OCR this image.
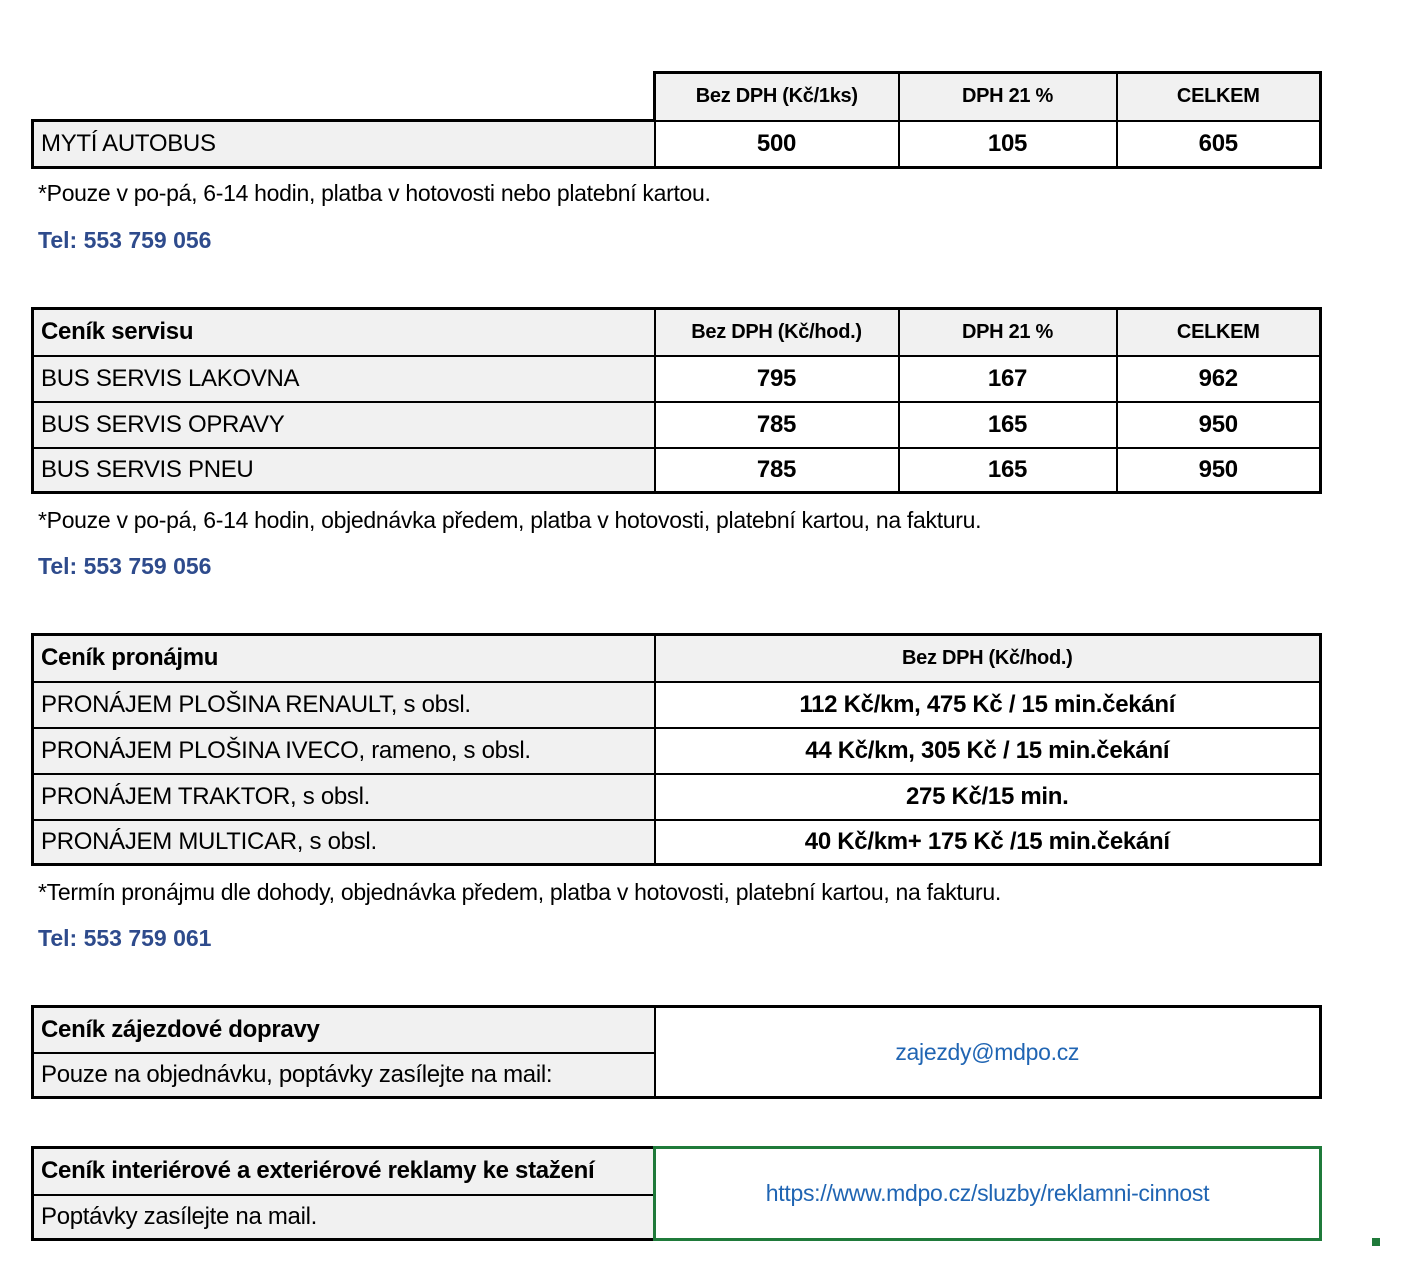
	Bez DPH (Kč/1ks)	DPH 21 %	CELKEM
MYTÍ AUTOBUS	500	105	605
*Pouze v po-pá, 6-14 hodin, platba v hotovosti nebo platební kartou.
Tel: 553 759 056
Ceník servisu	Bez DPH (Kč/hod.)	DPH 21 %	CELKEM
BUS SERVIS LAKOVNA	795	167	962
BUS SERVIS OPRAVY	785	165	950
BUS SERVIS PNEU	785	165	950
*Pouze v po-pá, 6-14 hodin, objednávka předem, platba v hotovosti, platební kartou, na fakturu.
Tel: 553 759 056
Ceník pronájmu	Bez DPH (Kč/hod.)
PRONÁJEM PLOŠINA RENAULT, s obsl.	112 Kč/km, 475 Kč / 15 min.čekání
PRONÁJEM PLOŠINA IVECO, rameno, s obsl.	44 Kč/km, 305 Kč / 15 min.čekání
PRONÁJEM TRAKTOR, s obsl.	275 Kč/15 min.
PRONÁJEM MULTICAR, s obsl.	40 Kč/km+ 175 Kč /15 min.čekání
*Termín pronájmu dle dohody, objednávka předem, platba v hotovosti, platební kartou, na fakturu.
Tel: 553 759 061
Ceník zájezdové dopravy	zajezdy@mdpo.cz
Pouze na objednávku, poptávky zasílejte na mail:
Ceník interiérové a exteriérové reklamy ke stažení	https://www.mdpo.cz/sluzby/reklamni-cinnost
Poptávky zasílejte na mail.
